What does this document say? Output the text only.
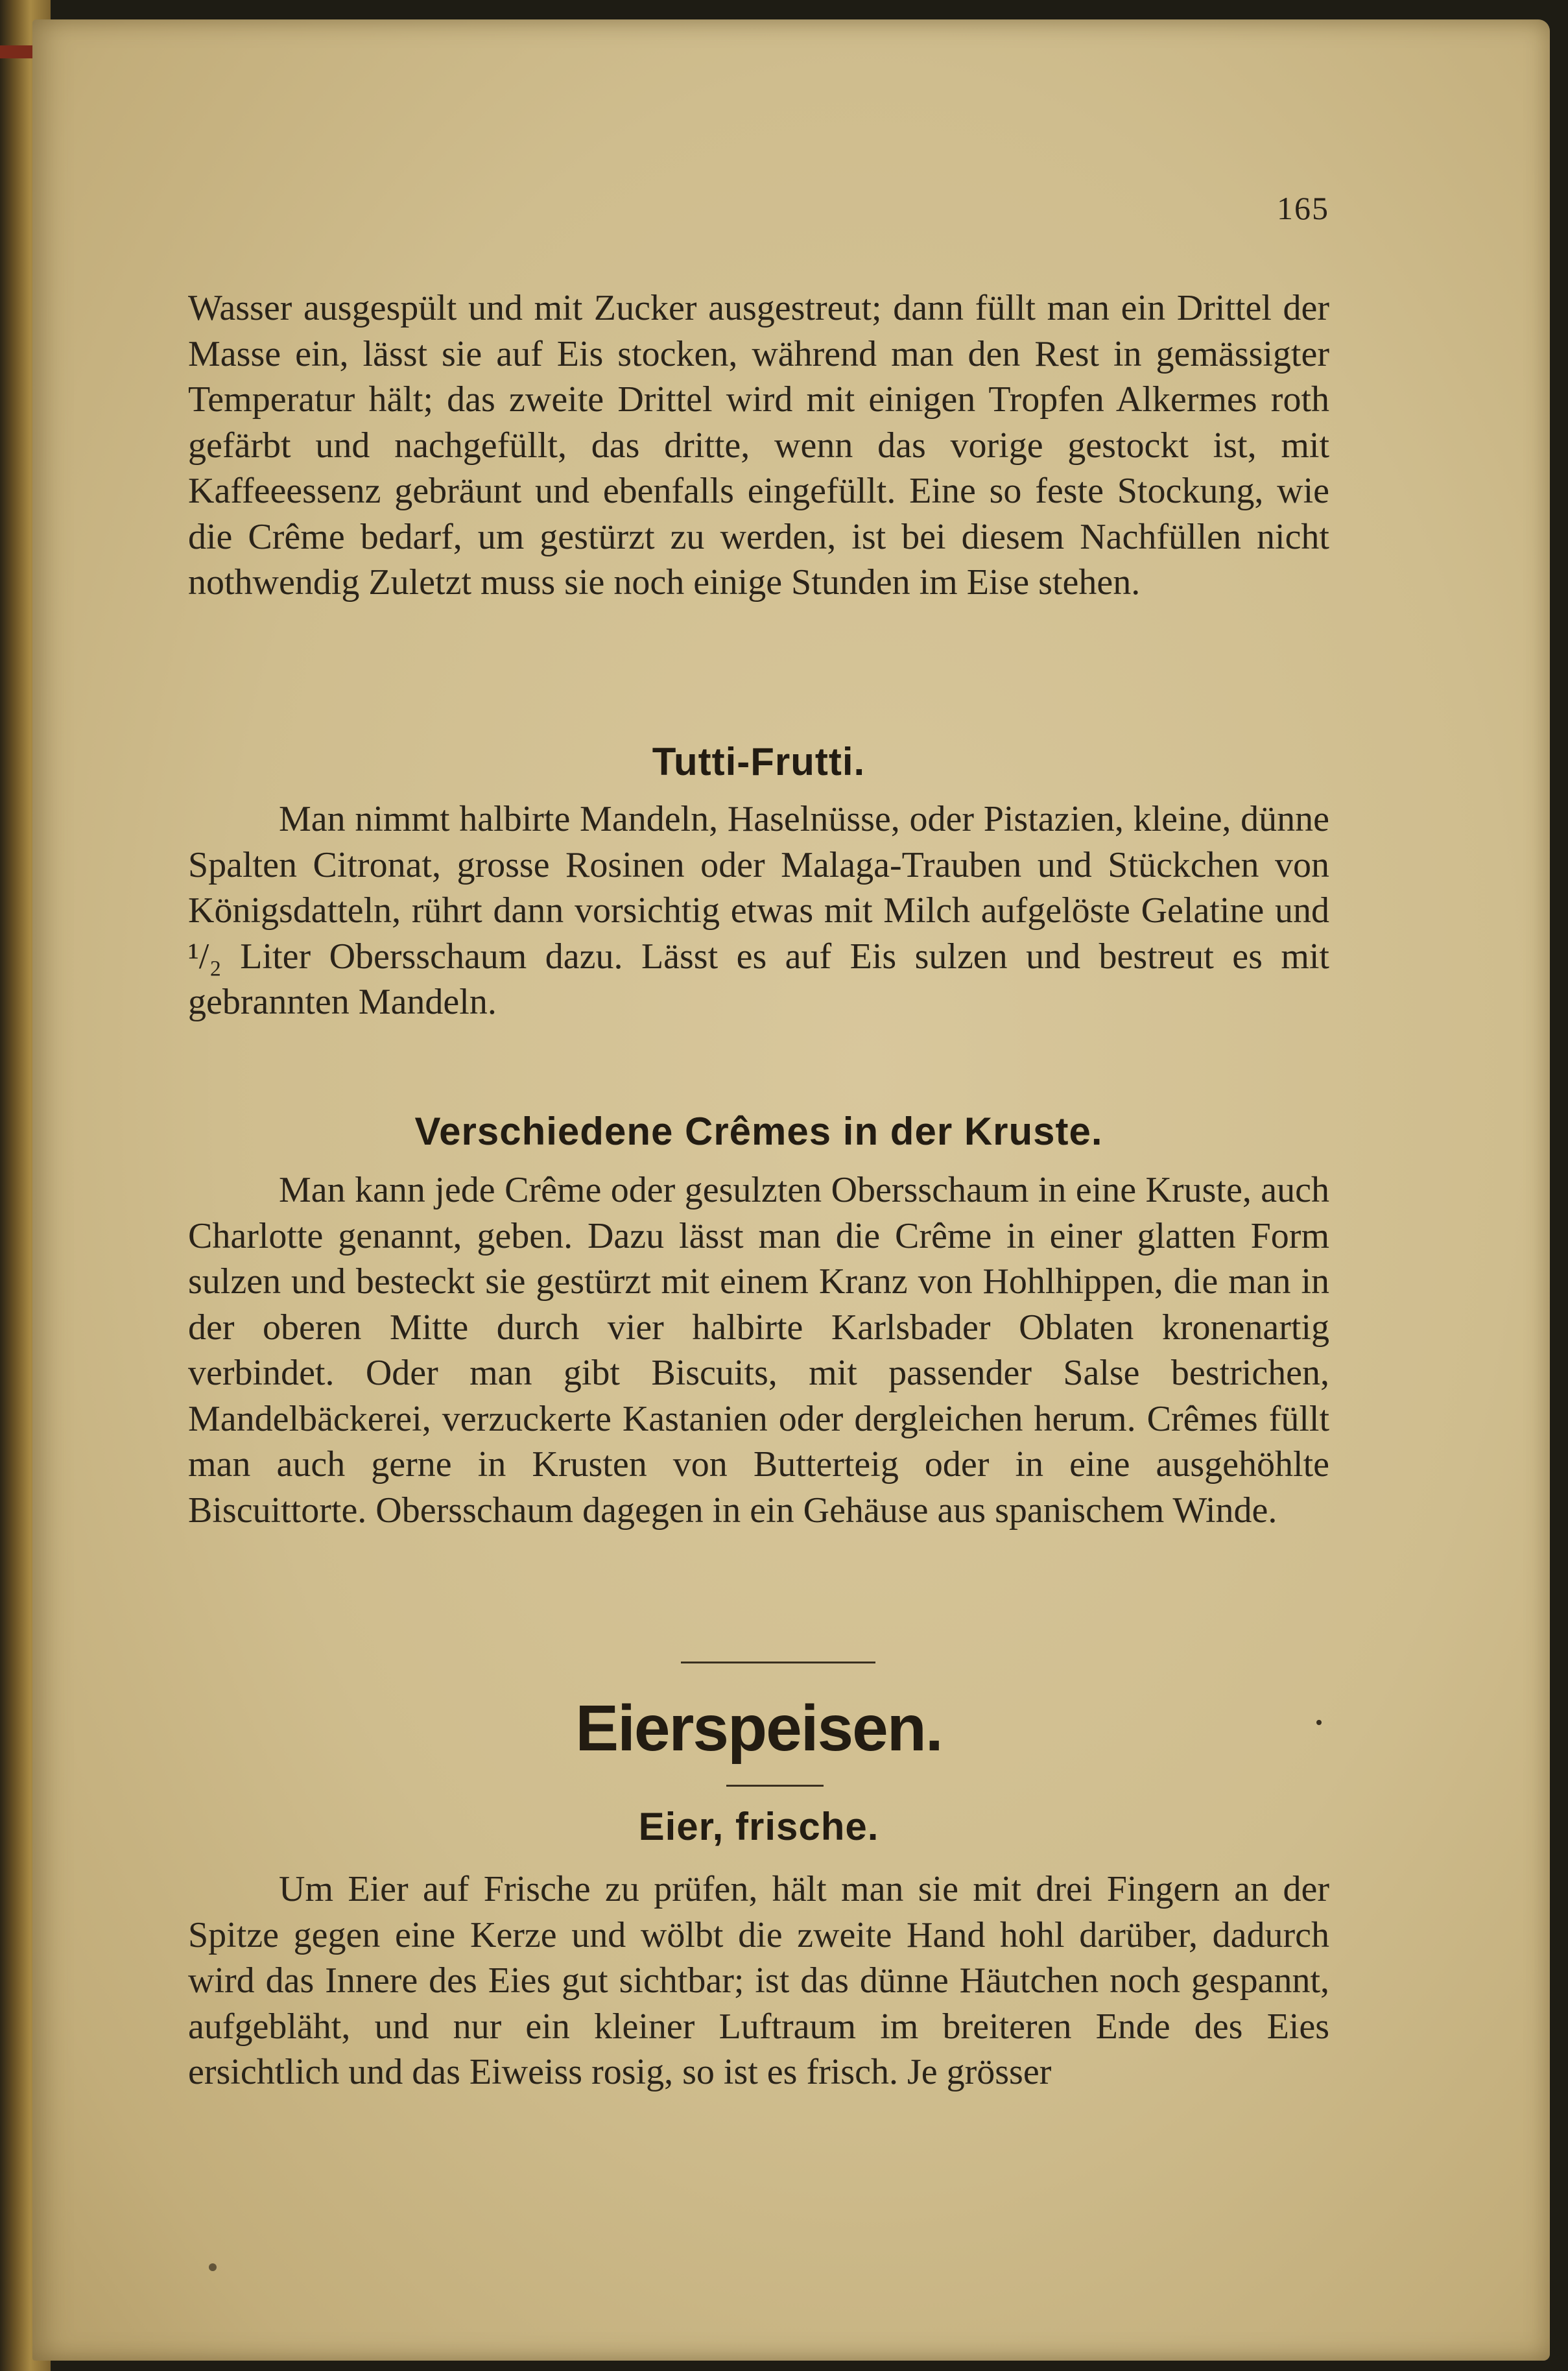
165

Wasser ausgespült und mit Zucker ausgestreut; dann füllt man ein Drittel der Masse ein, lässt sie auf Eis stocken, während man den Rest in gemässigter Temperatur hält; das zweite Drittel wird mit einigen Tropfen Alkermes roth gefärbt und nachgefüllt, das dritte, wenn das vorige gestockt ist, mit Kaffeeessenz gebräunt und ebenfalls eingefüllt. Eine so feste Stockung, wie die Crême bedarf, um gestürzt zu werden, ist bei diesem Nachfüllen nicht nothwendig Zuletzt muss sie noch einige Stunden im Eise stehen.

Tutti-Frutti.

Man nimmt halbirte Mandeln, Haselnüsse, oder Pistazien, kleine, dünne Spalten Citronat, grosse Rosinen oder Malaga-Trauben und Stückchen von Königsdatteln, rührt dann vorsichtig etwas mit Milch aufgelöste Gelatine und ¹/₂ Liter Obersschaum dazu. Lässt es auf Eis sulzen und bestreut es mit gebrannten Mandeln.

Verschiedene Crêmes in der Kruste.

Man kann jede Crême oder gesulzten Obersschaum in eine Kruste, auch Charlotte genannt, geben. Dazu lässt man die Crême in einer glatten Form sulzen und besteckt sie gestürzt mit einem Kranz von Hohlhippen, die man in der oberen Mitte durch vier halbirte Karlsbader Oblaten kronenartig verbindet. Oder man gibt Biscuits, mit passender Salse bestrichen, Mandelbäckerei, verzuckerte Kastanien oder dergleichen herum. Crêmes füllt man auch gerne in Krusten von Butterteig oder in eine ausgehöhlte Biscuittorte. Obersschaum dagegen in ein Gehäuse aus spanischem Winde.

Eierspeisen.
Eier, frische.

Um Eier auf Frische zu prüfen, hält man sie mit drei Fingern an der Spitze gegen eine Kerze und wölbt die zweite Hand hohl darüber, dadurch wird das Innere des Eies gut sichtbar; ist das dünne Häutchen noch gespannt, aufgebläht, und nur ein kleiner Luftraum im breiteren Ende des Eies ersichtlich und das Eiweiss rosig, so ist es frisch. Je grösser
